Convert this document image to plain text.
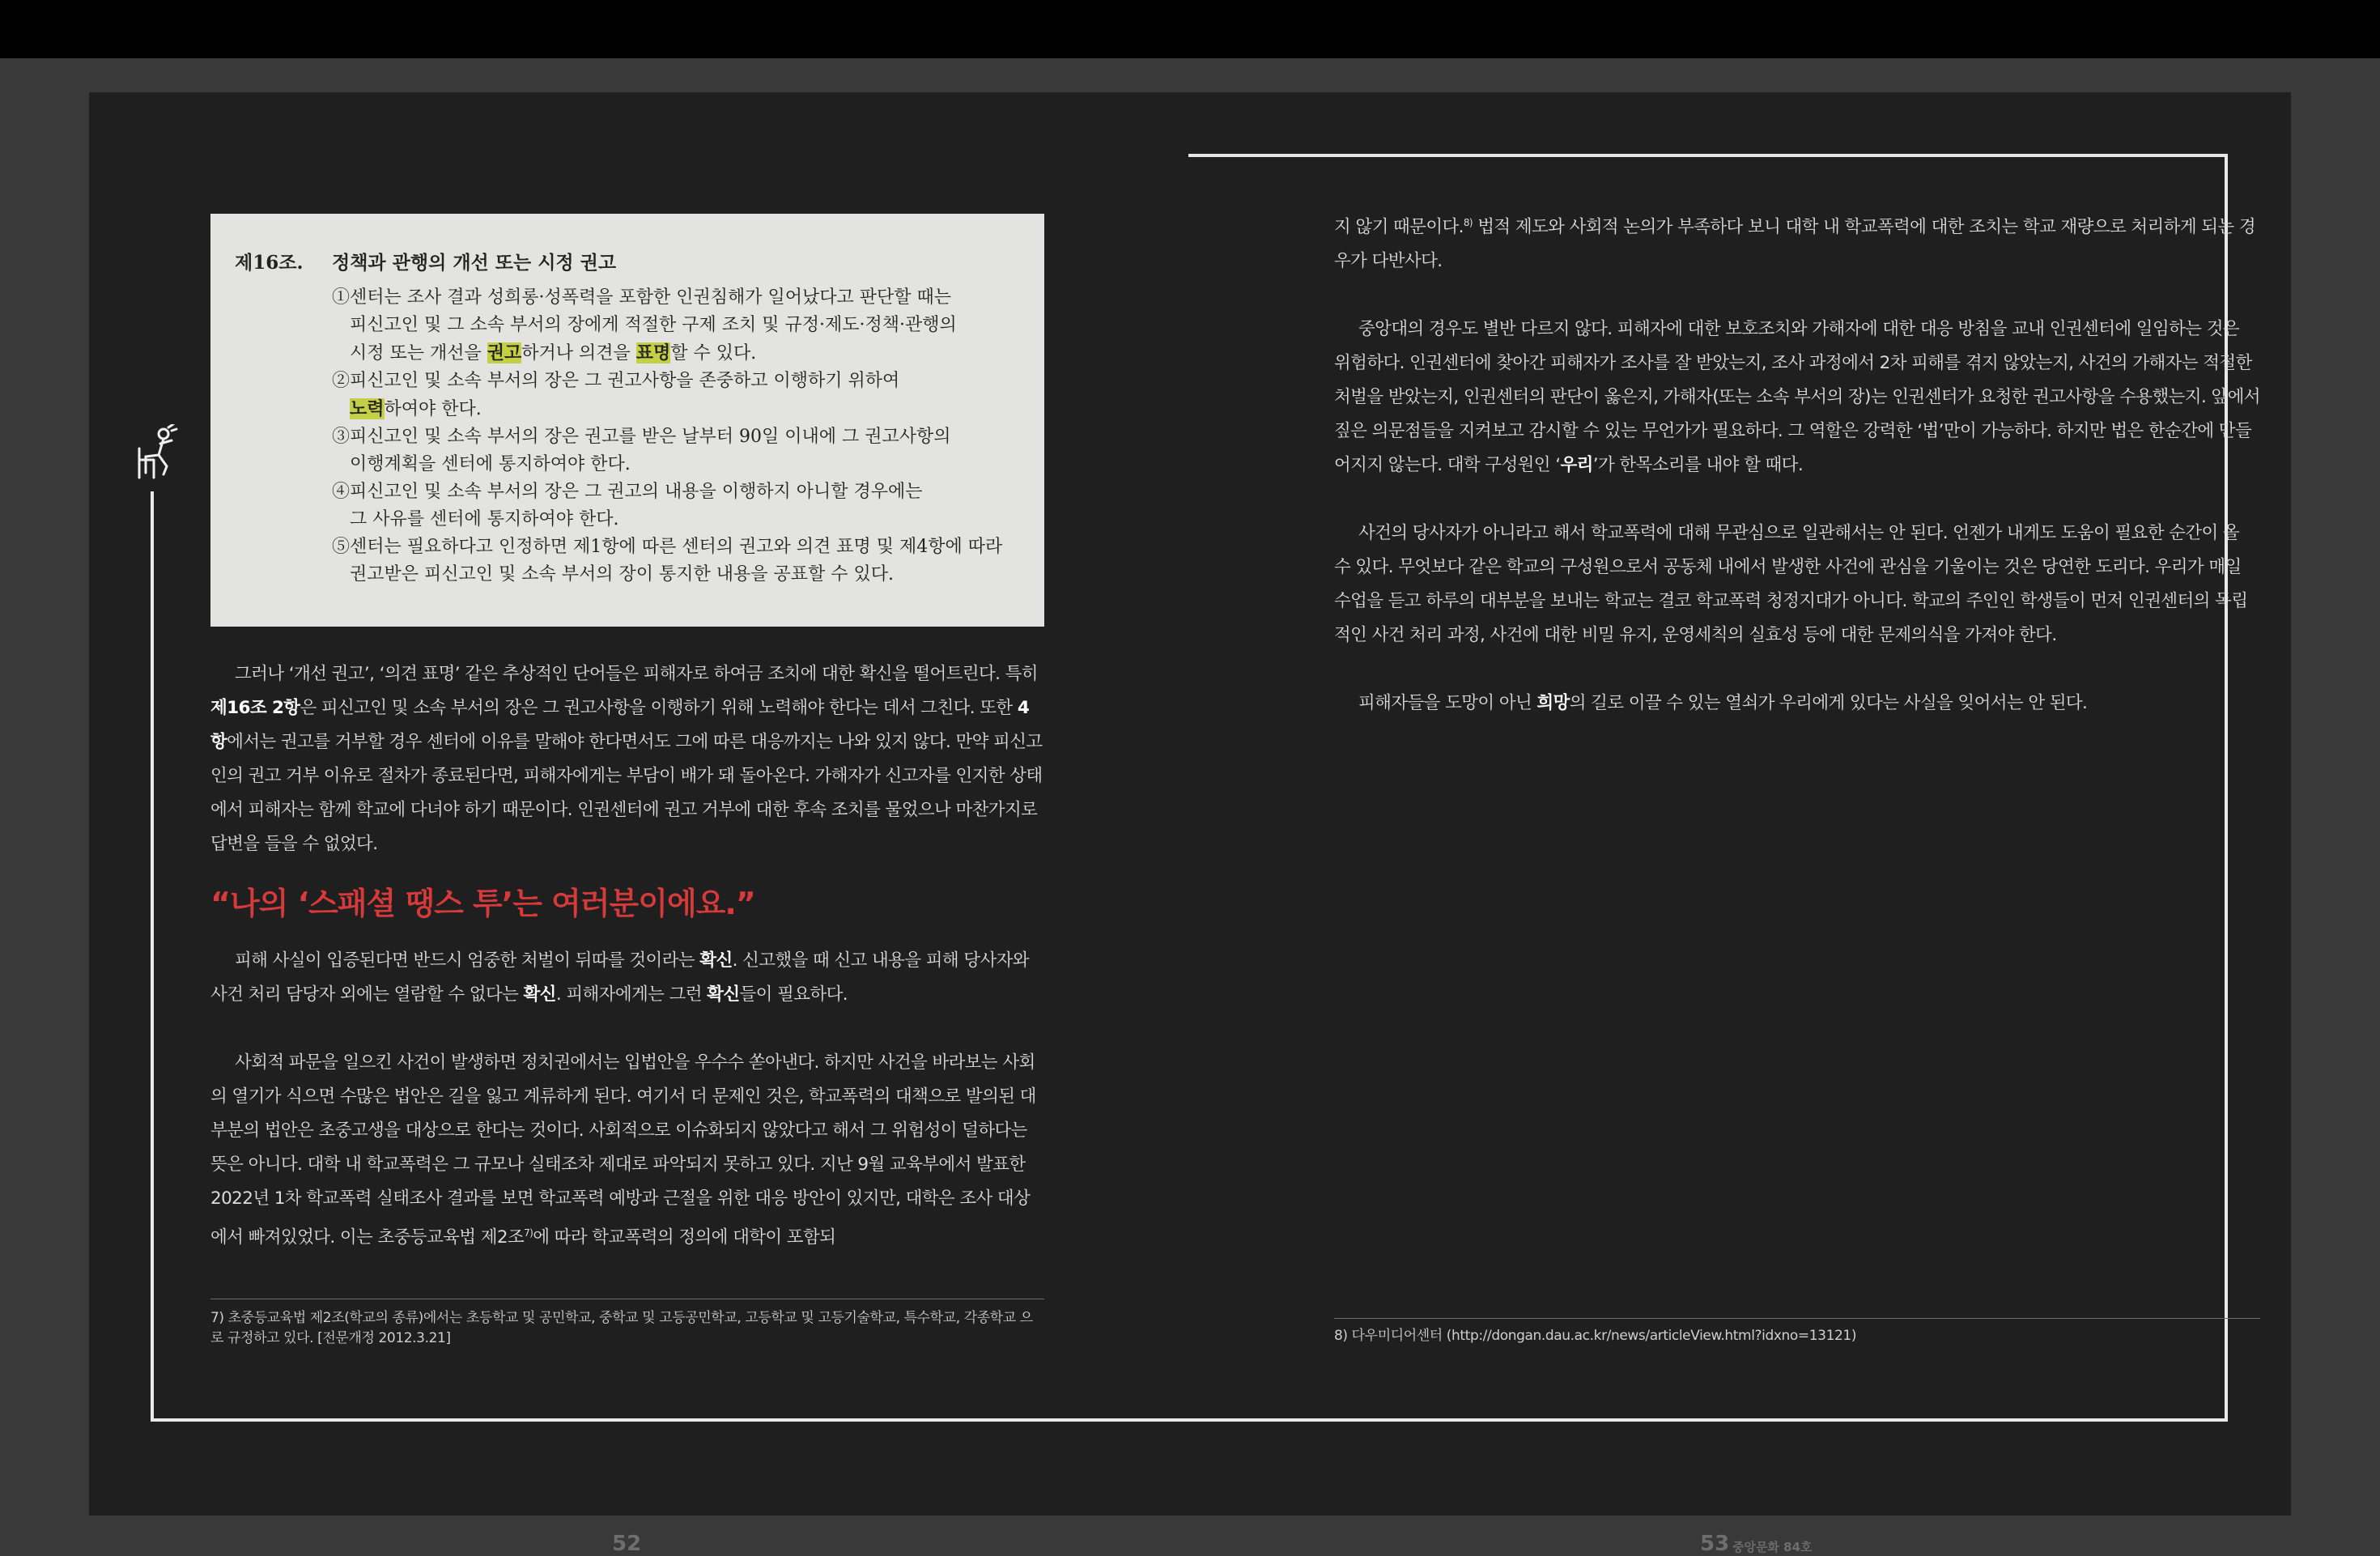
제16조.	정책과 관행의 개선 또는 시정 권고
①센터는 조사 결과 성희롱·성폭력을 포함한 인권침해가 일어났다고 판단할 때는
피신고인 및 그 소속 부서의 장에게 적절한 구제 조치 및 규정·제도·정책·관행의
시정 또는 개선을 권고하거나 의견을 표명할 수 있다.
②피신고인 및 소속 부서의 장은 그 권고사항을 존중하고 이행하기 위하여
노력하여야 한다.
③피신고인 및 소속 부서의 장은 권고를 받은 날부터 90일 이내에 그 권고사항의
이행계획을 센터에 통지하여야 한다.
④피신고인 및 소속 부서의 장은 그 권고의 내용을 이행하지 아니할 경우에는
그 사유를 센터에 통지하여야 한다.
⑤센터는 필요하다고 인정하면 제1항에 따른 센터의 권고와 의견 표명 및 제4항에 따라
권고받은 피신고인 및 소속 부서의 장이 통지한 내용을 공표할 수 있다.

그러나 ‘개선 권고’, ‘의견 표명’ 같은 추상적인 단어들은 피해자로 하여금 조치에 대한 확신을 떨어트린다. 특히 제16조 2항은 피신고인 및 소속 부서의 장은 그 권고사항을 이행하기 위해 노력해야 한다는 데서 그친다. 또한 4항에서는 권고를 거부할 경우 센터에 이유를 말해야 한다면서도 그에 따른 대응까지는 나와 있지 않다. 만약 피신고인의 권고 거부 이유로 절차가 종료된다면, 피해자에게는 부담이 배가 돼 돌아온다. 가해자가 신고자를 인지한 상태에서 피해자는 함께 학교에 다녀야 하기 때문이다. 인권센터에 권고 거부에 대한 후속 조치를 물었으나 마찬가지로 답변을 들을 수 없었다.

“나의 ‘스패셜 땡스 투’는 여러분이에요.”

피해 사실이 입증된다면 반드시 엄중한 처벌이 뒤따를 것이라는 확신. 신고했을 때 신고 내용을 피해 당사자와 사건 처리 담당자 외에는 열람할 수 없다는 확신. 피해자에게는 그런 확신들이 필요하다.

사회적 파문을 일으킨 사건이 발생하면 정치권에서는 입법안을 우수수 쏟아낸다. 하지만 사건을 바라보는 사회의 열기가 식으면 수많은 법안은 길을 잃고 계류하게 된다. 여기서 더 문제인 것은, 학교폭력의 대책으로 발의된 대부분의 법안은 초중고생을 대상으로 한다는 것이다. 사회적으로 이슈화되지 않았다고 해서 그 위험성이 덜하다는 뜻은 아니다. 대학 내 학교폭력은 그 규모나 실태조차 제대로 파악되지 못하고 있다. 지난 9월 교육부에서 발표한 2022년 1차 학교폭력 실태조사 결과를 보면 학교폭력 예방과 근절을 위한 대응 방안이 있지만, 대학은 조사 대상에서 빠져있었다. 이는 초중등교육법 제2조$^{7)}$에 따라 학교폭력의 정의에 대학이 포함되

7) 초중등교육법 제2조(학교의 종류)에서는 초등학교 및 공민학교, 중학교 및 고등공민학교, 고등학교 및 고등기술학교, 특수학교, 각종학교 으로 규정하고 있다. [전문개정 2012.3.21]

지 않기 때문이다.$^{8)}$ 법적 제도와 사회적 논의가 부족하다 보니 대학 내 학교폭력에 대한 조치는 학교 재량으로 처리하게 되는 경우가 다반사다.

중앙대의 경우도 별반 다르지 않다. 피해자에 대한 보호조치와 가해자에 대한 대응 방침을 교내 인권센터에 일임하는 것은 위험하다. 인권센터에 찾아간 피해자가 조사를 잘 받았는지, 조사 과정에서 2차 피해를 겪지 않았는지, 사건의 가해자는 적절한 처벌을 받았는지, 인권센터의 판단이 옳은지, 가해자(또는 소속 부서의 장)는 인권센터가 요청한 권고사항을 수용했는지. 앞에서 짚은 의문점들을 지켜보고 감시할 수 있는 무언가가 필요하다. 그 역할은 강력한 ‘법’만이 가능하다. 하지만 법은 한순간에 만들어지지 않는다. 대학 구성원인 ‘우리’가 한목소리를 내야 할 때다.

사건의 당사자가 아니라고 해서 학교폭력에 대해 무관심으로 일관해서는 안 된다. 언젠가 내게도 도움이 필요한 순간이 올 수 있다. 무엇보다 같은 학교의 구성원으로서 공동체 내에서 발생한 사건에 관심을 기울이는 것은 당연한 도리다. 우리가 매일 수업을 듣고 하루의 대부분을 보내는 학교는 결코 학교폭력 청정지대가 아니다. 학교의 주인인 학생들이 먼저 인권센터의 독립적인 사건 처리 과정, 사건에 대한 비밀 유지, 운영세칙의 실효성 등에 대한 문제의식을 가져야 한다.

피해자들을 도망이 아닌 희망의 길로 이끌 수 있는 열쇠가 우리에게 있다는 사실을 잊어서는 안 된다.

8) 다우미디어센터 (http://dongan.dau.ac.kr/news/articleView.html?idxno=13121)
52	53 중앙문화 84호
